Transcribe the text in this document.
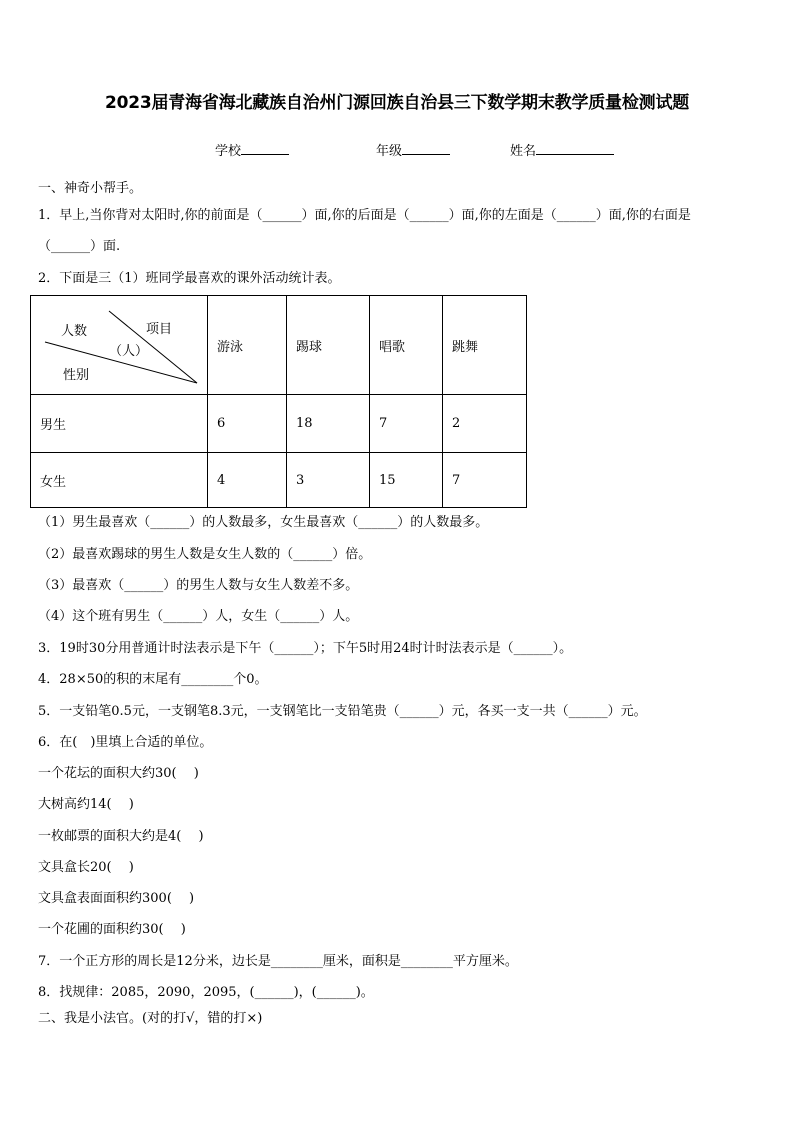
2023届青海省海北藏族自治州门源回族自治县三下数学期末教学质量检测试题
学校	年级	姓名
一、神奇小帮手。
1．早上,当你背对太阳时,你的前面是（______）面,你的后面是（______）面,你的左面是（______）面,你的右面是
（______）面.
2．下面是三（1）班同学最喜欢的课外活动统计表。
项目
人数
（人）
性别	游泳	踢球	唱歌	跳舞
男生	6	18	7	2
女生	4	3	15	7
（1）男生最喜欢（______）的人数最多，女生最喜欢（______）的人数最多。
（2）最喜欢踢球的男生人数是女生人数的（______）倍。
（3）最喜欢（______）的男生人数与女生人数差不多。
（4）这个班有男生（______）人，女生（______）人。
3．19时30分用普通计时法表示是下午（______）；下午5时用24时计时法表示是（______）。
4．28×50的积的末尾有________个0。
5．一支铅笔0.5元，一支钢笔8.3元，一支钢笔比一支铅笔贵（______）元，各买一支一共（______）元。
6．在(　)里填上合适的单位。
一个花坛的面积大约30(　 )
大树高约14(　 )
一枚邮票的面积大约是4(　 )
文具盒长20(　 )
文具盒表面面积约300(　 )
一个花圃的面积约30(　 )
7．一个正方形的周长是12分米，边长是________厘米，面积是________平方厘米。
8．找规律：2085，2090，2095，(______)，(______)。
二、我是小法官。(对的打√，错的打×)
